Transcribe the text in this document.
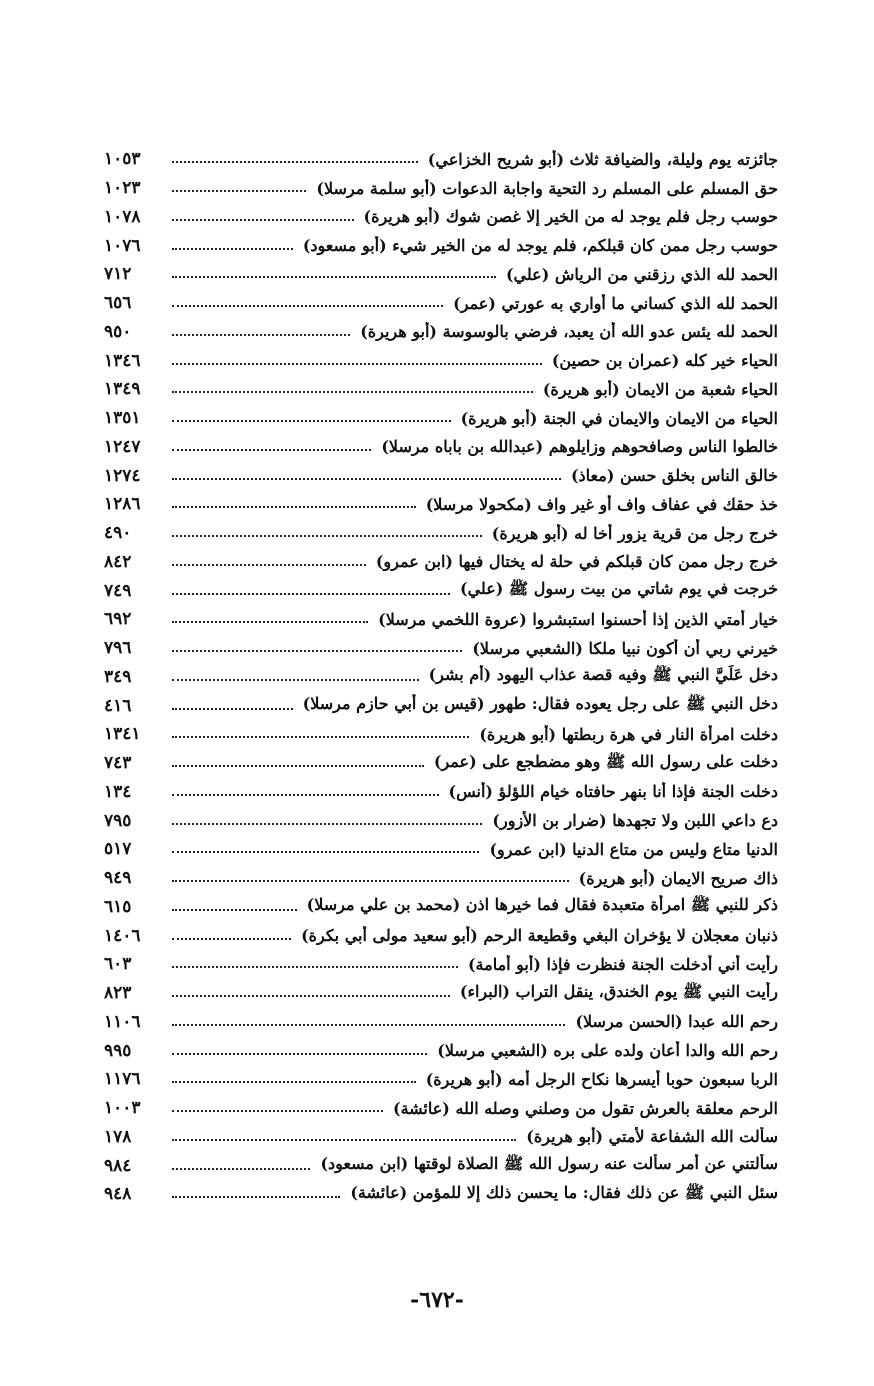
١٠٥٣	جائزته يوم وليلة، والضيافة ثلاث (أبو شريح الخزاعي)
١٠٢٣	حق المسلم على المسلم رد التحية واجابة الدعوات (أبو سلمة مرسلا)
١٠٧٨	حوسب رجل فلم يوجد له من الخير إلا غصن شوك (أبو هريرة)
١٠٧٦	حوسب رجل ممن كان قبلكم، فلم يوجد له من الخير شيء (أبو مسعود)
٧١٢	الحمد لله الذي رزقني من الرياش (علي)
٦٥٦	الحمد لله الذي كساني ما أواري به عورتي (عمر)
٩٥٠	الحمد لله يئس عدو الله أن يعبد، فرضي بالوسوسة (أبو هريرة)
١٣٤٦	الحياء خير كله (عمران بن حصين)
١٣٤٩	الحياء شعبة من الايمان (أبو هريرة)
١٣٥١	الحياء من الايمان والايمان في الجنة (أبو هريرة)
١٢٤٧	خالطوا الناس وصافحوهم وزايلوهم (عبدالله بن باباه مرسلا)
١٢٧٤	خالق الناس بخلق حسن (معاذ)
١٢٨٦	خذ حقك في عفاف واف أو غير واف (مكحولا مرسلا)
٤٩٠	خرج رجل من قرية يزور أخا له (أبو هريرة)
٨٤٢	خرج رجل ممن كان قبلكم في حلة له يختال فيها (ابن عمرو)
٧٤٩	خرجت في يوم شاتي من بيت رسول ﷺ (علي)
٦٩٢	خيار أمتي الذين إذا أحسنوا استبشروا (عروة اللخمي مرسلا)
٧٩٦	خيرني ربي أن أكون نبيا ملكا (الشعبي مرسلا)
٣٤٩	دخل عَلَيَّ النبي ﷺ وفيه قصة عذاب اليهود (أم بشر)
٤١٦	دخل النبي ﷺ على رجل يعوده فقال: طهور (قيس بن أبي حازم مرسلا)
١٣٤١	دخلت امرأة النار في هرة ربطتها (أبو هريرة)
٧٤٣	دخلت على رسول الله ﷺ وهو مضطجع على (عمر)
١٣٤	دخلت الجنة فإذا أنا بنهر حافتاه خيام اللؤلؤ (أنس)
٧٩٥	دع داعي اللبن ولا تجهدها (ضرار بن الأزور)
٥١٧	الدنيا متاع وليس من متاع الدنيا (ابن عمرو)
٩٤٩	ذاك صريح الايمان (أبو هريرة)
٦١٥	ذكر للنبي ﷺ امرأة متعبدة فقال فما خيرها اذن (محمد بن علي مرسلا)
١٤٠٦	ذنبان معجلان لا يؤخران البغي وقطيعة الرحم (أبو سعيد مولى أبي بكرة)
٦٠٣	رأيت أني أدخلت الجنة فنظرت فإذا (أبو أمامة)
٨٢٣	رأيت النبي ﷺ يوم الخندق، ينقل التراب (البراء)
١١٠٦	رحم الله عبدا (الحسن مرسلا)
٩٩٥	رحم الله والدا أعان ولده على بره (الشعبي مرسلا)
١١٧٦	الربا سبعون حوبا أيسرها نكاح الرجل أمه (أبو هريرة)
١٠٠٣	الرحم معلقة بالعرش تقول من وصلني وصله الله (عائشة)
١٧٨	سألت الله الشفاعة لأمتي (أبو هريرة)
٩٨٤	سألتني عن أمر سألت عنه رسول الله ﷺ الصلاة لوقتها (ابن مسعود)
٩٤٨	سئل النبي ﷺ عن ذلك فقال: ما يحسن ذلك إلا للمؤمن (عائشة)
-٦٧٢-
